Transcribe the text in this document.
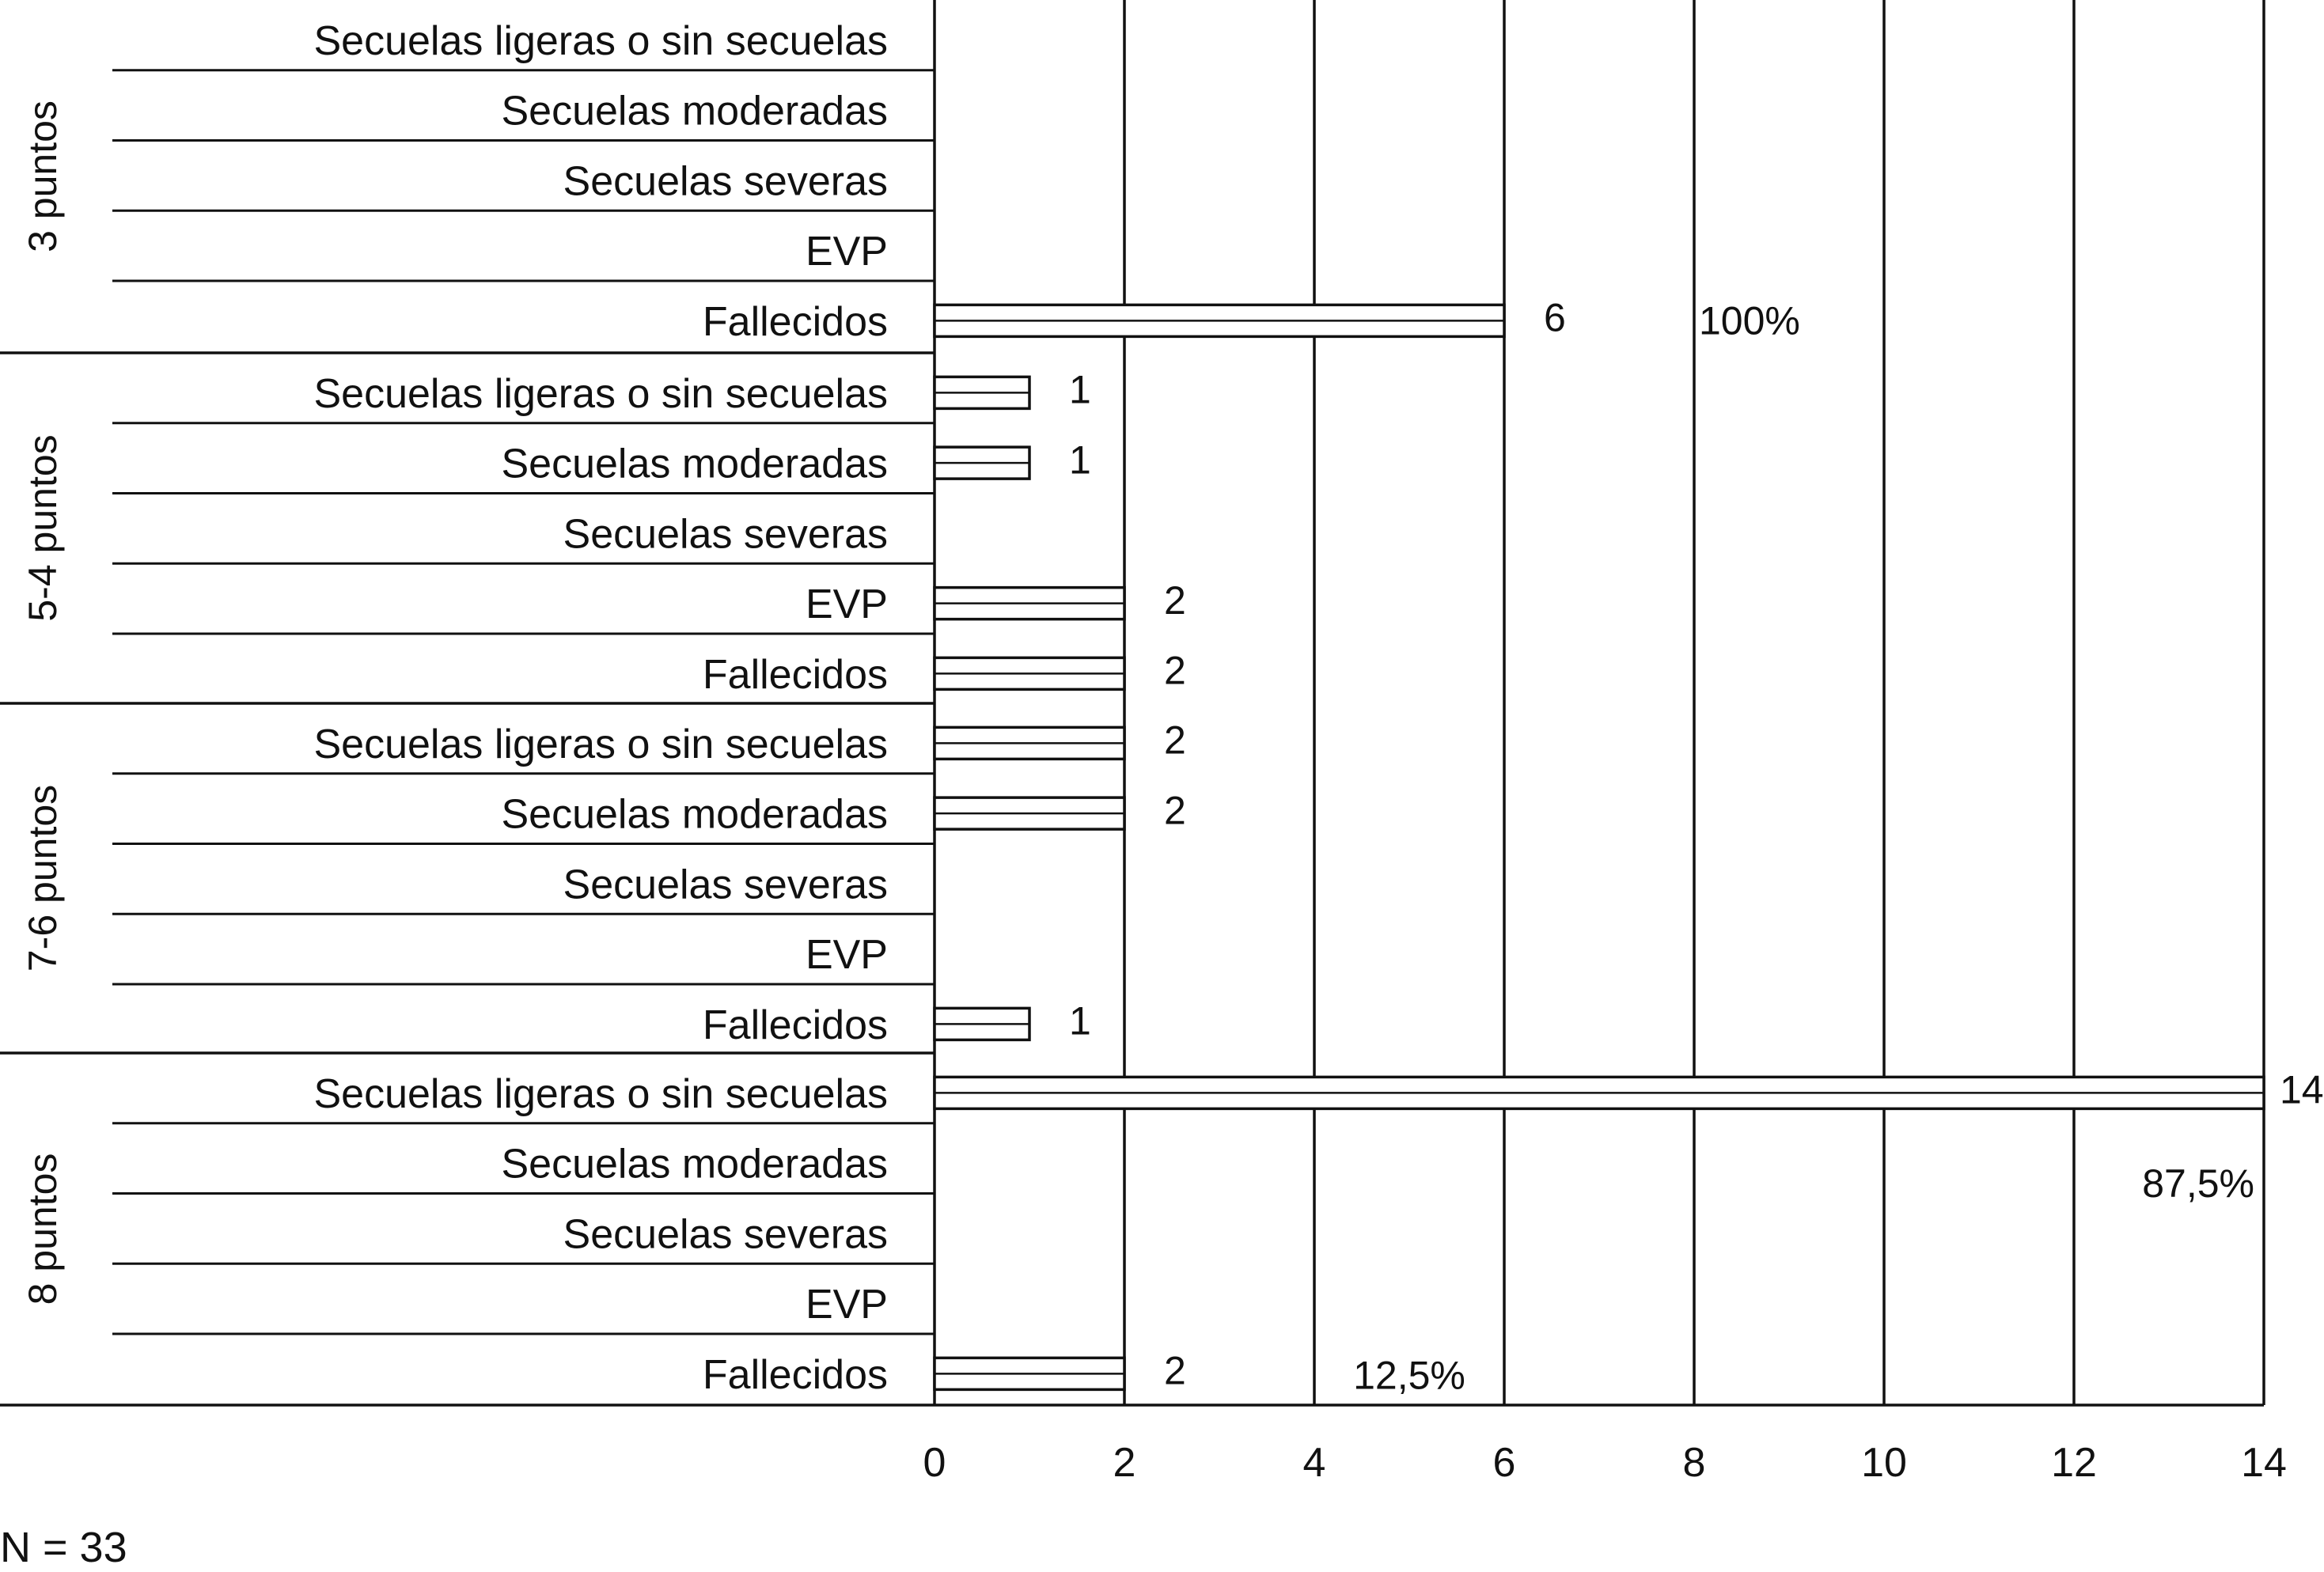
3 puntos
Secuelas ligeras o sin secuelas
Secuelas moderadas
Secuelas severas
EVP
Fallecidos	6
5-4 puntos
Secuelas ligeras o sin secuelas	1
Secuelas moderadas	1
Secuelas severas
EVP	2
Fallecidos	2
7-6 puntos
Secuelas ligeras o sin secuelas	2
Secuelas moderadas	2
Secuelas severas
EVP
Fallecidos	1
8 puntos
Secuelas ligeras o sin secuelas	14
Secuelas moderadas
Secuelas severas
EVP
Fallecidos	2
100%
87,5%
12,5%
0	2	4	6	8	10	12	14
N = 33
